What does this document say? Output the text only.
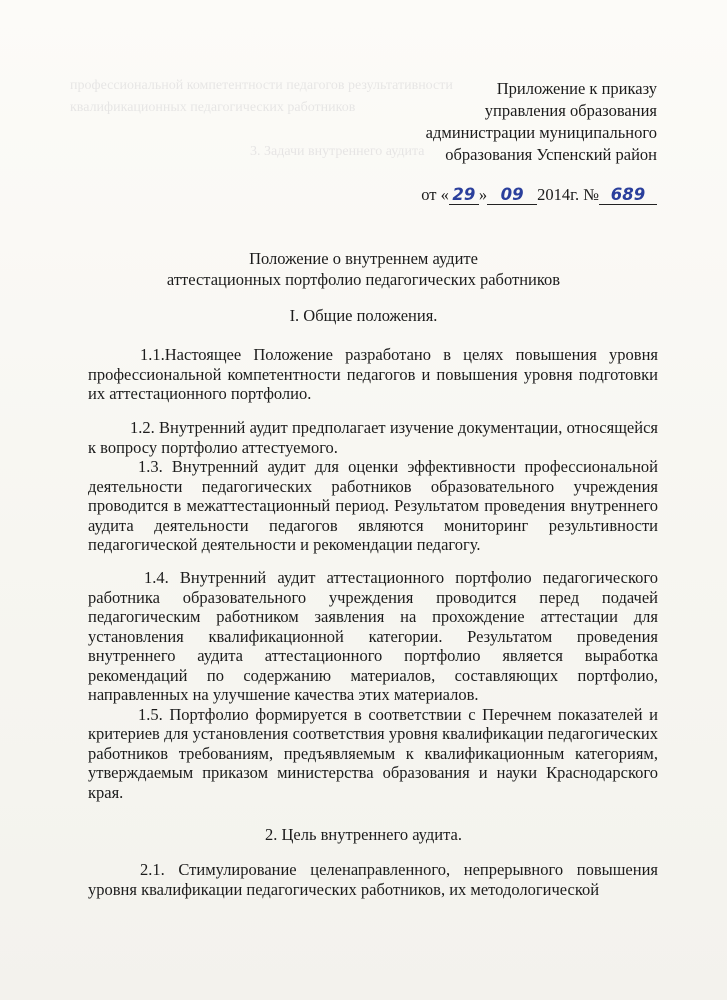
профессиональной компетентности педагогов результативности
квалификационных педагогических работников
3. Задачи внутреннего аудита

Приложение к приказу

управления образования

администрации муниципального

образования Успенский район

от « 29 » 09 2014г. № 689

Положение о внутреннем аудите

аттестационных портфолио педагогических работников

I. Общие положения.

1.1.Настоящее Положение разработано в целях повышения уровня профессиональной компетентности педагогов и повышения уровня подготовки их аттестационного портфолио.

1.2. Внутренний аудит предполагает изучение документации, относящейся к вопросу портфолио аттестуемого.

1.3. Внутренний аудит для оценки эффективности профессиональной деятельности педагогических работников образовательного учреждения проводится в межаттестационный период. Результатом проведения внутреннего аудита деятельности педагогов являются мониторинг результивности педагогической деятельности и рекомендации педагогу.

1.4. Внутренний аудит аттестационного портфолио педагогического работника образовательного учреждения проводится перед подачей педагогическим работником заявления на прохождение аттестации для установления квалификационной категории. Результатом проведения внутреннего аудита аттестационного портфолио является выработка рекомендаций по содержанию материалов, составляющих портфолио, направленных на улучшение качества этих материалов.

1.5. Портфолио формируется в соответствии с Перечнем показателей и критериев для установления соответствия уровня квалификации педагогических работников требованиям, предъявляемым к квалификационным категориям, утверждаемым приказом министерства образования и науки Краснодарского края.

2. Цель внутреннего аудита.

2.1. Стимулирование целенаправленного, непрерывного повышения уровня квалификации педагогических работников, их методологической
